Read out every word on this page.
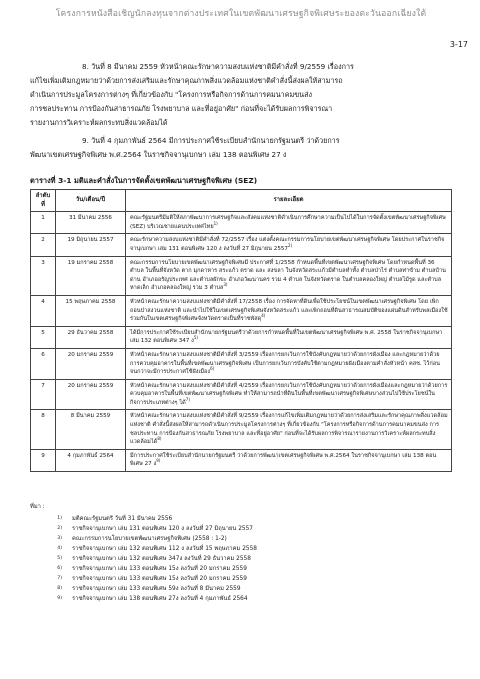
โครงการหนังสือเชิญนักลงทุนจากต่างประเทศในเขตพัฒนาเศรษฐกิจพิเศษระยองตะวันออกเฉียงใต้
3-17

8. วันที่ 8 มีนาคม 2559 หัวหน้าคณะรักษาความสงบแห่งชาติมีคำสั่งที่ 9/2559 เรื่องการ

แก้ไขเพิ่มเติมกฎหมายว่าด้วยการส่งเสริมและรักษาคุณภาพสิ่งแวดล้อมแห่งชาติคำสั่งนี้ส่งผลให้สามารถ

ดำเนินการประมูลโครงการต่างๆ ที่เกี่ยวข้องกับ "โครงการหรือกิจการด้านการคมนาคมขนส่ง

การชลประทาน การป้องกันสาธารณภัย โรงพยาบาล และที่อยู่อาศัย" ก่อนที่จะได้รับผลการพิจารณา

รายงานการวิเคราะห์ผลกระทบสิ่งแวดล้อมได้

9. วันที่ 4 กุมภาพันธ์ 2564 มีการประกาศใช้ระเบียบสำนักนายกรัฐมนตรี ว่าด้วยการ

พัฒนาเขตเศรษฐกิจพิเศษ พ.ศ.2564 ในราชกิจจานุเบกษา เล่ม 138 ตอนพิเศษ 27 ง

ตารางที่ 3-1 มติและคำสั่งในการจัดตั้งเขตพัฒนาเศรษฐกิจพิเศษ (SEZ)
ลำดับที่	วัน/เดือน/ปี	รายละเอียด
1	31 มีนาคม 2556	คณะรัฐมนตรีมีมติให้สภาพัฒนาการเศรษฐกิจและสังคมแห่งชาติดำเนินการศึกษาความเป็นไปได้ในการจัดตั้งเขตพัฒนาเศรษฐกิจพิเศษ (SEZ) บริเวณชายแดนประเทศไทย$^{1)}$
2	19 มิถุนายน 2557	คณะรักษาความสงบแห่งชาติมีคำสั่งที่ 72/2557 เรื่อง แต่งตั้งคณะกรรมการนโยบายเขตพัฒนาเศรษฐกิจพิเศษ โดยประกาศในราชกิจจานุเบกษา เล่ม 131 ตอนพิเศษ 120 ง ลงวันที่ 27 มิถุนายน 2557$^{2)}$
3	19 มกราคม 2558	คณะกรรมการนโยบายเขตพัฒนาเศรษฐกิจพิเศษมี ประกาศที่ 1/2558 กำหนดพื้นที่เขตพัฒนาเศรษฐกิจพิเศษ โดยกำหนดพื้นที่ 36 ตำบล ในพื้นที่จังหวัด ตาก มุกดาหาร สระแก้ว ตราด และ สงขลา ในจังหวัดสระแก้วมีตำบลทำทั้ง ตำบลป่าไร่ ตำบลท่าข้าม ตำบลบ้านด่าน อำเภออรัญประเทศ และตำบลผักขะ อำเภอวัฒนานคร รวม 4 ตำบล ในจังหวัดตราด ในตำบลคลองใหญ่ ตำบลไม้รูด และตำบลหาดเล็ก อำเภอคลองใหญ่ รวม 3 ตำบล$^{3)}$
4	15 พฤษภาคม 2558	หัวหน้าคณะรักษาความสงบแห่งชาติมีคำสั่งที่ 17/2558 เรื่อง การจัดหาที่ดินเพื่อใช้ประโยชน์ในเขตพัฒนาเศรษฐกิจพิเศษ โดย เพิกถอนป่าสงวนแห่งชาติ และนำไปใช้ในเขตเศรษฐกิจพิเศษจังหวัดสระแก้ว และเพิกถอนที่ดินสาธารณสมบัติของแผ่นดินสำหรับพลเมืองใช้ร่วมกันในเขตเศรษฐกิจพิเศษจังหวัดตราดเป็นที่ราชพัสดุ$^{4)}$
5	29 ธันวาคม 2558	ได้มีการประกาศใช้ระเบียบสำนักนายกรัฐมนตรีว่าด้วยการกำหนดพื้นที่ในเขตพัฒนาเศรษฐกิจพิเศษ พ.ศ. 2558 ในราชกิจจานุเบกษาเล่ม 132 ตอนพิเศษ 347 ง$^{5)}$
6	20 มกราคม 2559	หัวหน้าคณะรักษาความสงบแห่งชาติมีคำสั่งที่ 3/2559 เรื่องการยกเว้นการใช้บังคับกฎหมายว่าด้วยการผังเมือง และกฎหมายว่าด้วยการควบคุมอาคารในพื้นที่เขตพัฒนาเศรษฐกิจพิเศษ เป็นการยกเว้นการบังคับใช้ตามกฎหมายผังเมืองตามคำสั่งหัวหน้า คสช. ไว้ก่อนจนกว่าจะมีการประกาศใช้ผังเมือง$^{6)}$
7	20 มกราคม 2559	หัวหน้าคณะรักษาความสงบแห่งชาติมีคำสั่งที่ 4/2559 เรื่องการยกเว้นการใช้บังคับกฎหมายว่าด้วยการผังเมืองและกฎหมายว่าด้วยการควบคุมอาคารในพื้นที่เขตพัฒนาเศรษฐกิจพิเศษ ทำให้สามารถนำที่ดินในพื้นที่เขตพัฒนาเศรษฐกิจพิเศษบางส่วนไปใช้ประโยชน์ในกิจการประเภทต่างๆ ได้$^{7)}$
8	8 มีนาคม 2559	หัวหน้าคณะรักษาความสงบแห่งชาติมีคำสั่งที่ 9/2559 เรื่องการแก้ไขเพิ่มเติมกฎหมายว่าด้วยการส่งเสริมและรักษาคุณภาพสิ่งแวดล้อมแห่งชาติ คำสั่งนี้ส่งผลให้สามารถดำเนินการประมูลโครงการต่างๆ ที่เกี่ยวข้องกับ "โครงการหรือกิจการด้านการคมนาคมขนส่ง การชลประทาน การป้องกันสาธารณภัย โรงพยาบาล และที่อยู่อาศัย" ก่อนที่จะได้รับผลการพิจารณารายงานการวิเคราะห์ผลกระทบสิ่งแวดล้อมได้$^{8)}$
9	4 กุมภาพันธ์ 2564	มีการประกาศใช้ระเบียบสำนักนายกรัฐมนตรี ว่าด้วยการพัฒนาเขตเศรษฐกิจพิเศษ พ.ศ.2564 ในราชกิจจานุเบกษา เล่ม 138 ตอนพิเศษ 27 ง$^{9)}$
ที่มา :
1)	มติคณะรัฐมนตรี วันที่ 31 มีนาคม 2556
2)	ราชกิจจานุเบกษา เล่ม 131 ตอนพิเศษ 120 ง ลงวันที่ 27 มิถุนายน 2557
3)	คณะกรรมการนโยบายเขตพัฒนาเศรษฐกิจพิเศษ (2558 : 1-2)
4)	ราชกิจจานุเบกษา เล่ม 132 ตอนพิเศษ 112 ง ลงวันที่ 15 พฤษภาคม 2558
5)	ราชกิจจานุเบกษา เล่ม 132 ตอนพิเศษ 347ง ลงวันที่ 29 ธันวาคม 2558
6)	ราชกิจจานุเบกษา เล่ม 133 ตอนพิเศษ 15ง ลงวันที่ 20 มกราคม 2559
7)	ราชกิจจานุเบกษา เล่ม 133 ตอนพิเศษ 15ง ลงวันที่ 20 มกราคม 2559
8)	ราชกิจจานุเบกษา เล่ม 133 ตอนพิเศษ 59ง ลงวันที่ 8 มีนาคม 2559
9)	ราชกิจจานุเบกษา เล่ม 138 ตอนพิเศษ 27ง ลงวันที่ 4 กุมภาพันธ์ 2564
